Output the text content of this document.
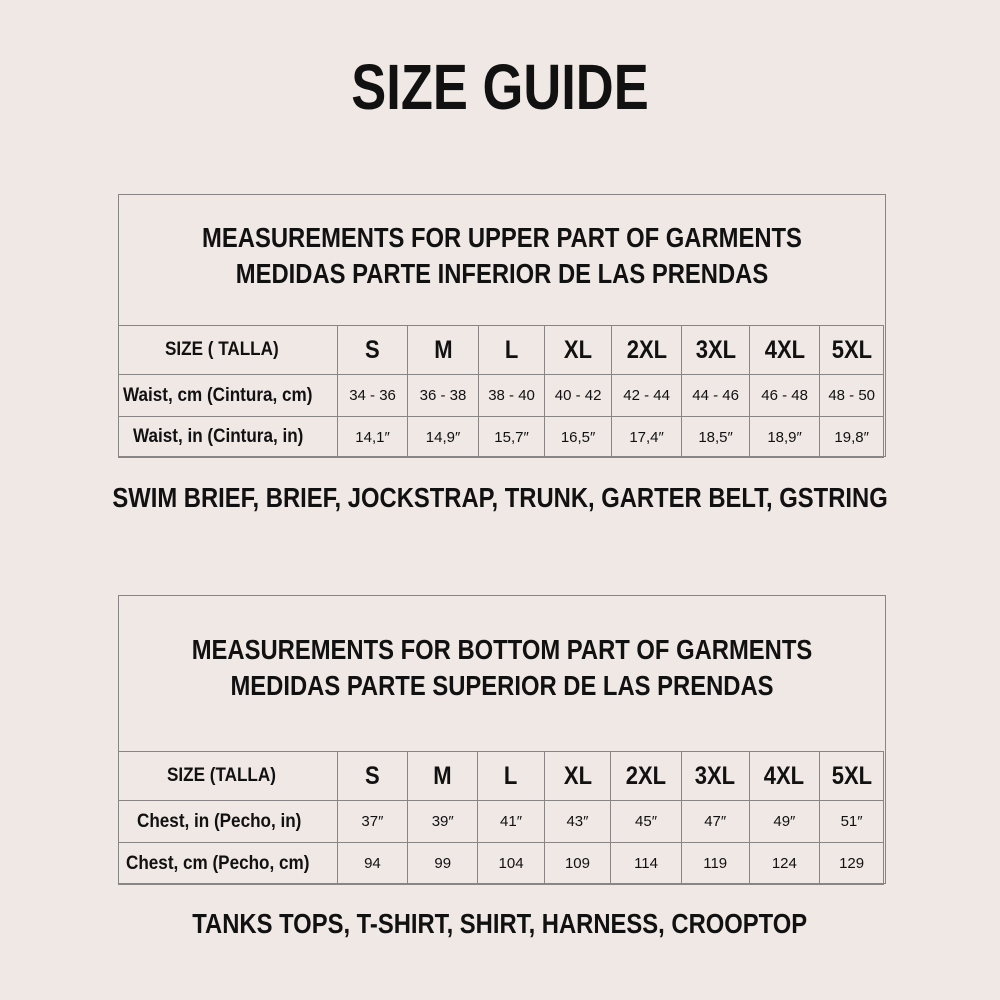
SIZE GUIDE
MEASUREMENTS FOR UPPER PART OF GARMENTS
MEDIDAS PARTE INFERIOR DE LAS PRENDAS
SIZE ( TALLA)	S	M	L	XL	2XL	3XL	4XL	5XL
Waist, cm (Cintura, cm)	34 - 36	36 - 38	38 - 40	40 - 42	42 - 44	44 - 46	46 - 48	48 - 50
Waist, in (Cintura, in)	14,1″	14,9″	15,7″	16,5″	17,4″	18,5″	18,9″	19,8″
SWIM BRIEF, BRIEF, JOCKSTRAP, TRUNK, GARTER BELT, GSTRING
MEASUREMENTS FOR BOTTOM PART OF GARMENTS
MEDIDAS PARTE SUPERIOR DE LAS PRENDAS
SIZE (TALLA)	S	M	L	XL	2XL	3XL	4XL	5XL
Chest, in (Pecho, in)	37″	39″	41″	43″	45″	47″	49″	51″
Chest, cm (Pecho, cm)	94	99	104	109	114	119	124	129
TANKS TOPS, T-SHIRT, SHIRT, HARNESS, CROOPTOP
